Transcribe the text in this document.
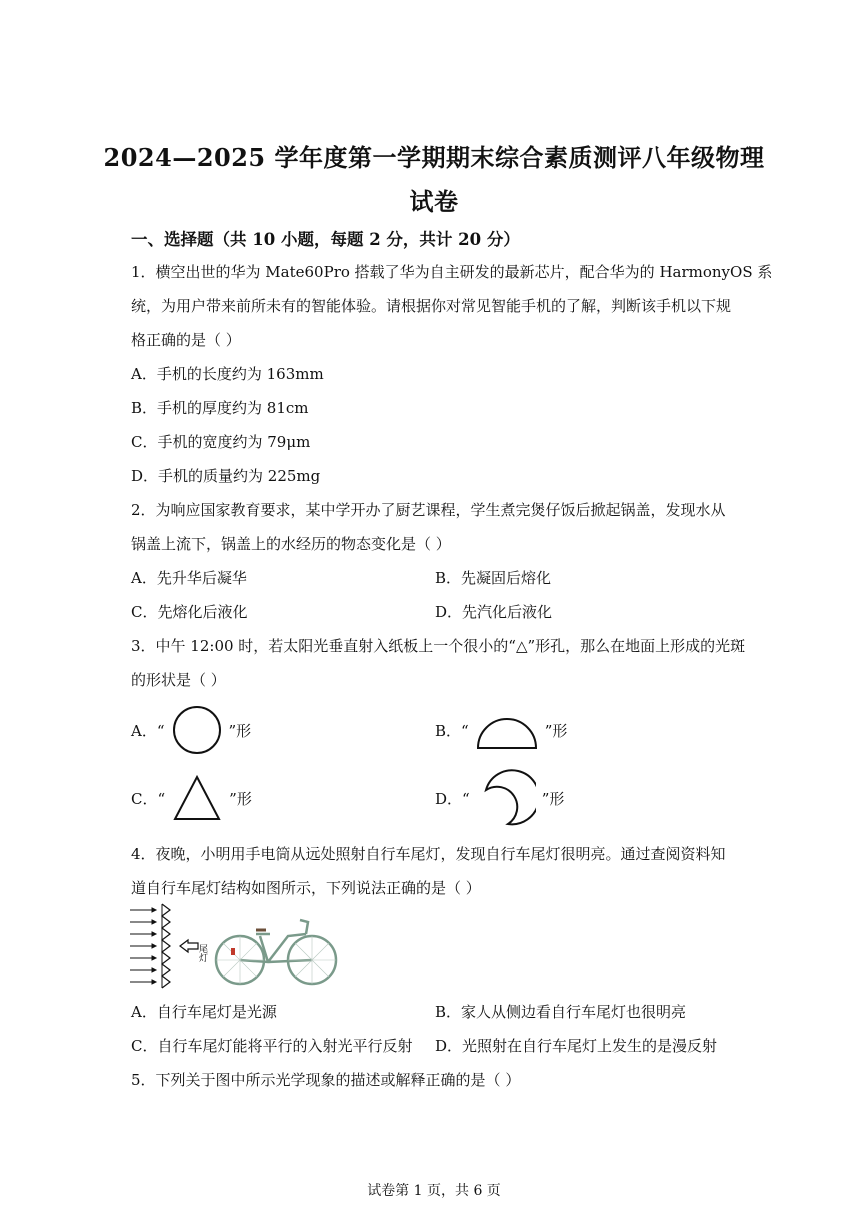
2024—2025 学年度第一学期期末综合素质测评八年级物理
试卷
一、选择题（共 10 小题，每题 2 分，共计 20 分）
1．横空出世的华为 Mate60Pro 搭载了华为自主研发的最新芯片，配合华为的 HarmonyOS 系
统，为用户带来前所未有的智能体验。请根据你对常见智能手机的了解，判断该手机以下规
格正确的是（ ）
A．手机的长度约为 163mm
B．手机的厚度约为 81cm
C．手机的宽度约为 79μm
D．手机的质量约为 225mg
2．为响应国家教育要求，某中学开办了厨艺课程，学生煮完煲仔饭后掀起锅盖，发现水从
锅盖上流下，锅盖上的水经历的物态变化是（ ）
A．先升华后凝华	B．先凝固后熔化
C．先熔化后液化	D．先汽化后液化
3．中午 12:00 时，若太阳光垂直射入纸板上一个很小的“△”形孔，那么在地面上形成的光斑
的形状是（ ）
A．“	”形	B．“	”形
C．“	”形	D．“	”形
4．夜晚，小明用手电筒从远处照射自行车尾灯，发现自行车尾灯很明亮。通过查阅资料知
道自行车尾灯结构如图所示，下列说法正确的是（ ）
尾灯
A．自行车尾灯是光源	B．家人从侧边看自行车尾灯也很明亮
C．自行车尾灯能将平行的入射光平行反射 D．光照射在自行车尾灯上发生的是漫反射
5．下列关于图中所示光学现象的描述或解释正确的是（ ）
试卷第 1 页，共 6 页
